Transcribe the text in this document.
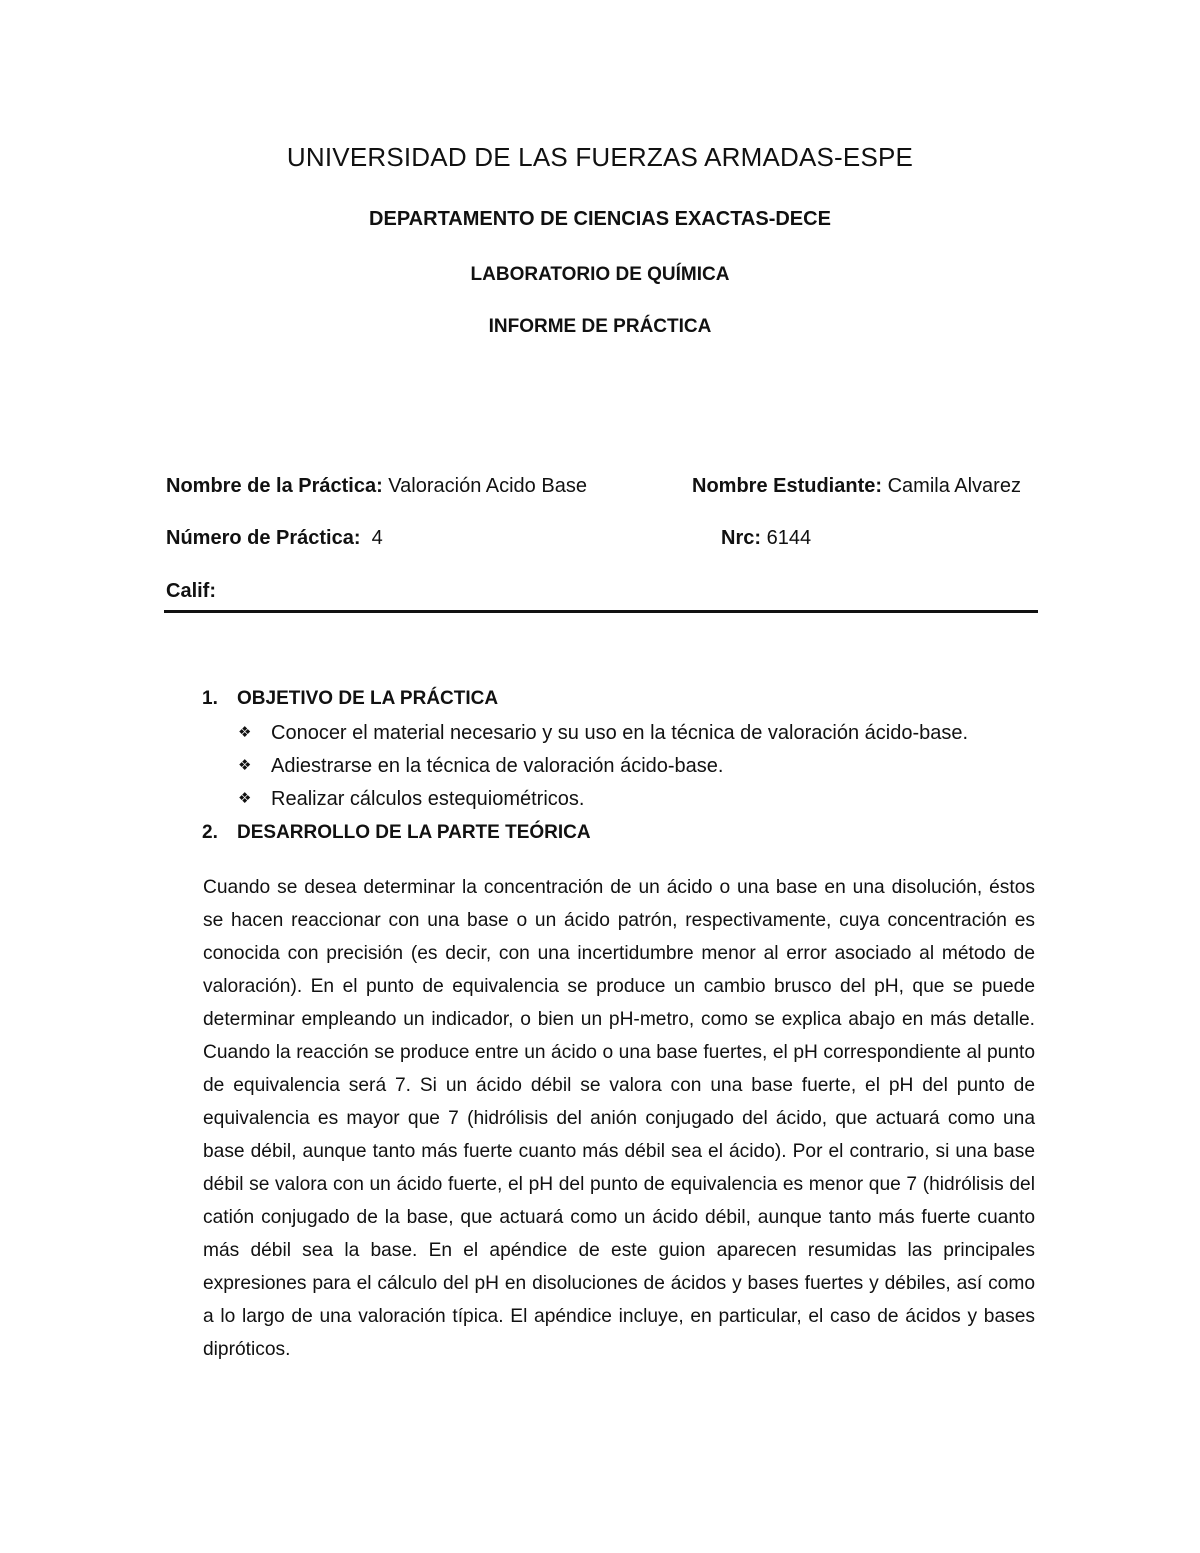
UNIVERSIDAD DE LAS FUERZAS ARMADAS-ESPE
DEPARTAMENTO DE CIENCIAS EXACTAS-DECE
LABORATORIO DE QUÍMICA
INFORME DE PRÁCTICA
Nombre de la Práctica: Valoración Acido Base	Nombre Estudiante: Camila Alvarez
Número de Práctica:  4	Nrc: 6144
Calif:
1. OBJETIVO DE LA PRÁCTICA
❖ Conocer el material necesario y su uso en la técnica de valoración ácido-base.
❖ Adiestrarse en la técnica de valoración ácido-base.
❖ Realizar cálculos estequiométricos.
2. DESARROLLO DE LA PARTE TEÓRICA
Cuando se desea determinar la concentración de un ácido o una base en una disolución, éstos se hacen reaccionar con una base o un ácido patrón, respectivamente, cuya concentración es conocida con precisión (es decir, con una incertidumbre menor al error asociado al método de valoración). En el punto de equivalencia se produce un cambio brusco del pH, que se puede determinar empleando un indicador, o bien un pH-metro, como se explica abajo en más detalle. Cuando la reacción se produce entre un ácido o una base fuertes, el pH correspondiente al punto de equivalencia será 7. Si un ácido débil se valora con una base fuerte, el pH del punto de equivalencia es mayor que 7 (hidrólisis del anión conjugado del ácido, que actuará como una base débil, aunque tanto más fuerte cuanto más débil sea el ácido). Por el contrario, si una base débil se valora con un ácido fuerte, el pH del punto de equivalencia es menor que 7 (hidrólisis del catión conjugado de la base, que actuará como un ácido débil, aunque tanto más fuerte cuanto más débil sea la base. En el apéndice de este guion aparecen resumidas las principales expresiones para el cálculo del pH en disoluciones de ácidos y bases fuertes y débiles, así como a lo largo de una valoración típica. El apéndice incluye, en particular, el caso de ácidos y bases dipróticos.
